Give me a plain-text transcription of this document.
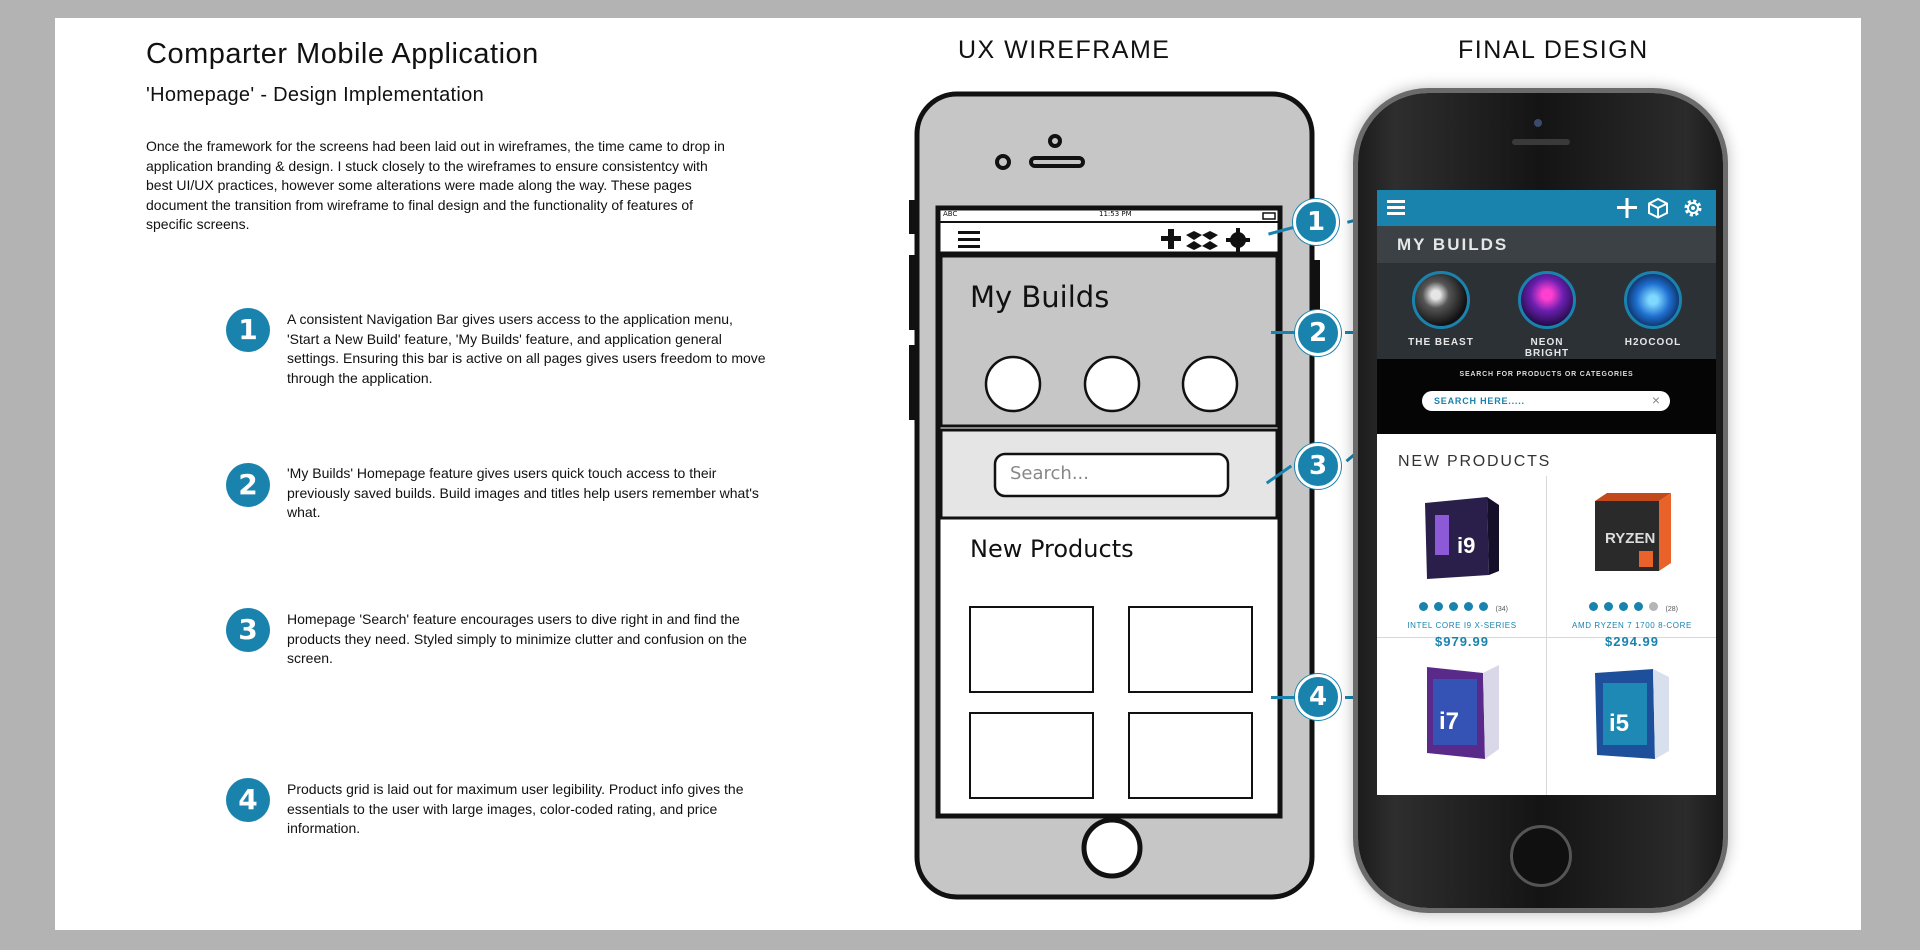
Comparter Mobile Application
'Homepage' - Design Implementation
Once the framework for the screens had been laid out in wireframes, the time came to drop in application branding & design. I stuck closely to the wireframes to ensure consistentcy with best UI/UX practices, however some alterations were made along the way. These pages document the transition from wireframe to final design and the functionality of features of specific screens.
1	A consistent Navigation Bar gives users access to the application menu, 'Start a New Build' feature, 'My Builds' feature, and application general settings. Ensuring this bar is active on all pages gives users freedom to move through the application.
2	'My Builds' Homepage feature gives users quick touch access to their previously saved builds. Build images and titles help users remember what's what.
3	Homepage 'Search' feature encourages users to dive right in and find the products they need. Styled simply to minimize clutter and confusion on the screen.
4	Products grid is laid out for maximum user legibility. Product info gives the essentials to the user with large images, color-coded rating, and price information.
UX WIREFRAME	FINAL DESIGN
ABC	11:53 PM
My Builds
Search...
New Products
1
2
3
4
MY BUILDS
THE BEAST	NEON BRIGHT
H2OCOOL
SEARCH FOR PRODUCTS OR CATEGORIES
SEARCH HERE.....	×
NEW PRODUCTS
i9
(34)
INTEL CORE I9 X-SERIES
$979.99
RYZEN
(28)
AMD RYZEN 7 1700 8-CORE
$294.99
i7	i5
